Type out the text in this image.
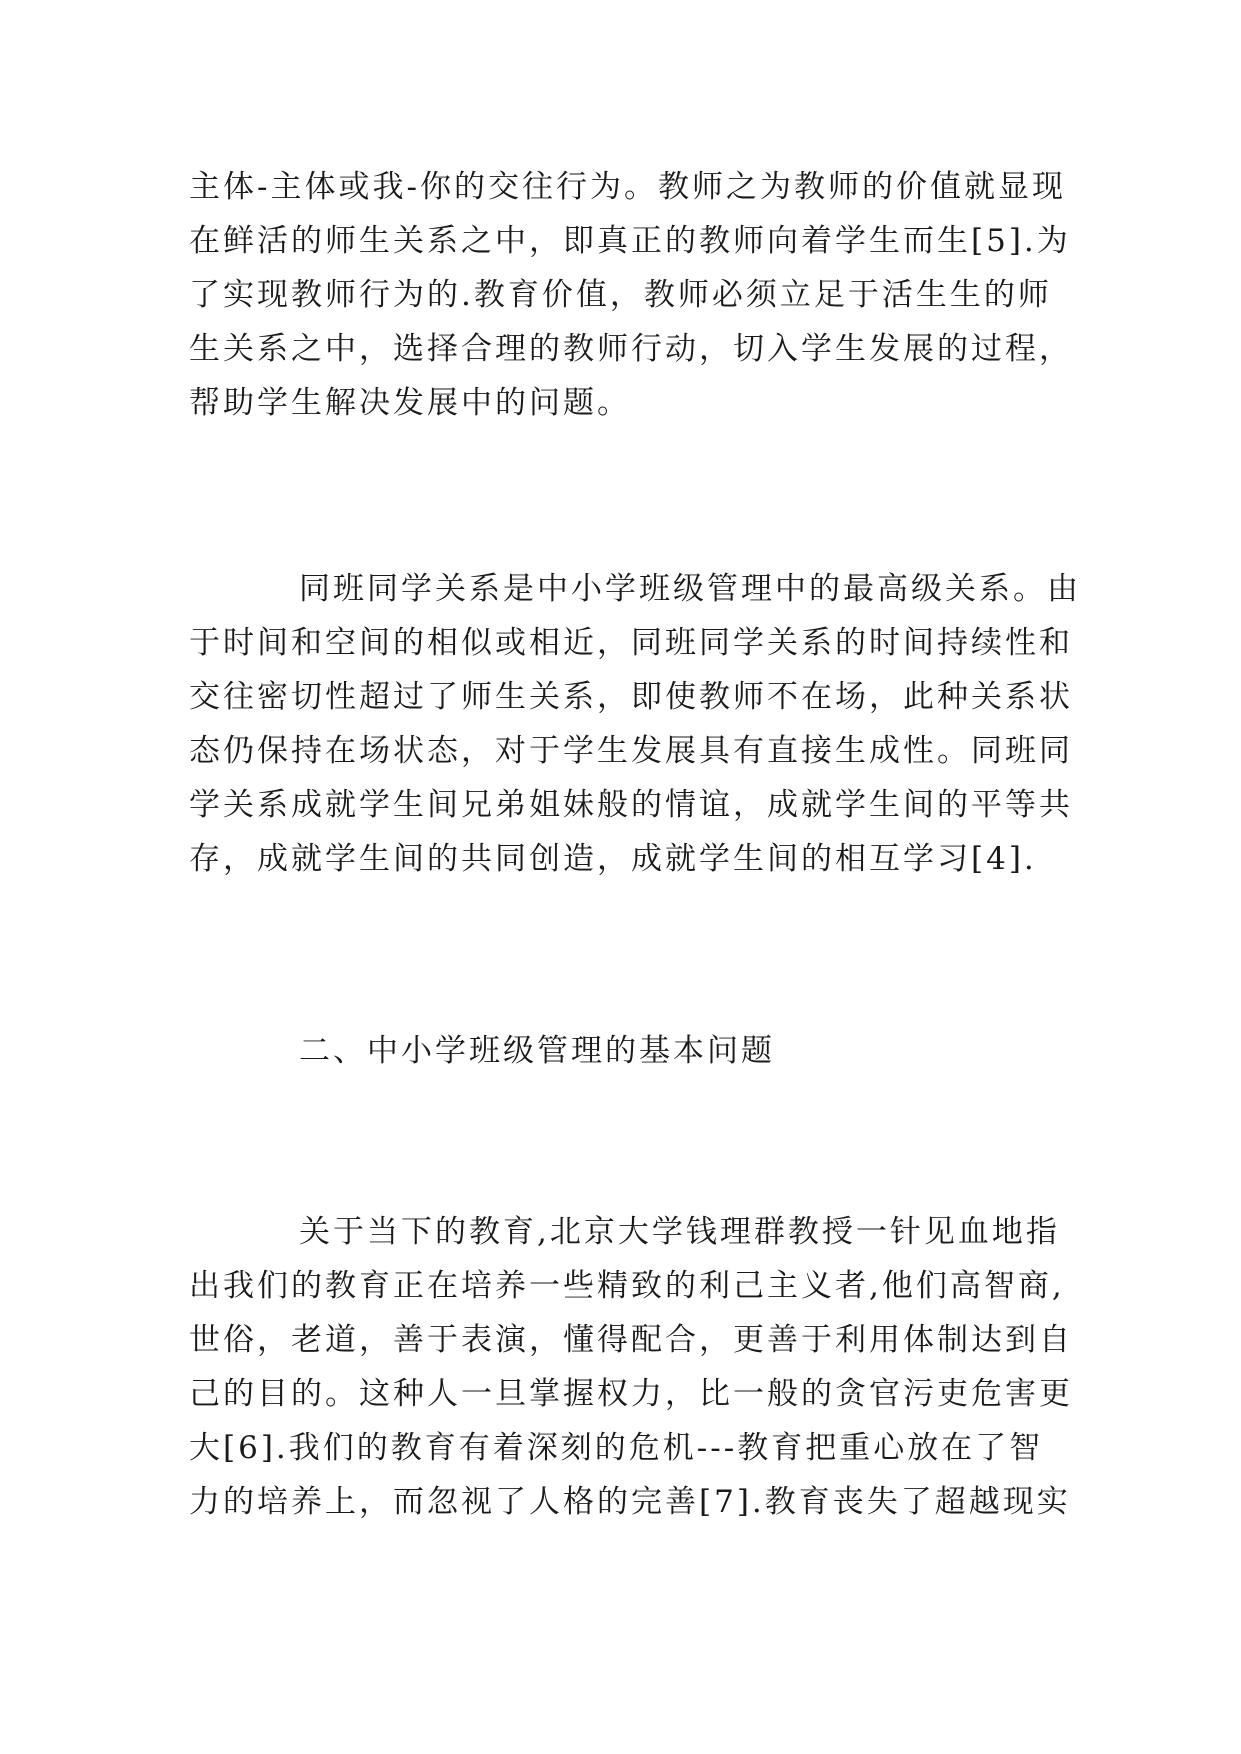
主体-主体或我-你的交往行为。教师之为教师的价值就显现
在鲜活的师生关系之中，即真正的教师向着学生而生[5].为
了实现教师行为的.教育价值，教师必须立足于活生生的师
生关系之中，选择合理的教师行动，切入学生发展的过程，
帮助学生解决发展中的问题。
同班同学关系是中小学班级管理中的最高级关系。由
于时间和空间的相似或相近，同班同学关系的时间持续性和
交往密切性超过了师生关系，即使教师不在场，此种关系状
态仍保持在场状态，对于学生发展具有直接生成性。同班同
学关系成就学生间兄弟姐妹般的情谊，成就学生间的平等共
存，成就学生间的共同创造，成就学生间的相互学习[4].
二、中小学班级管理的基本问题
关于当下的教育,北京大学钱理群教授一针见血地指
出我们的教育正在培养一些精致的利己主义者,他们高智商,
世俗，老道，善于表演，懂得配合，更善于利用体制达到自
己的目的。这种人一旦掌握权力，比一般的贪官污吏危害更
大[6].我们的教育有着深刻的危机---教育把重心放在了智
力的培养上，而忽视了人格的完善[7].教育丧失了超越现实
